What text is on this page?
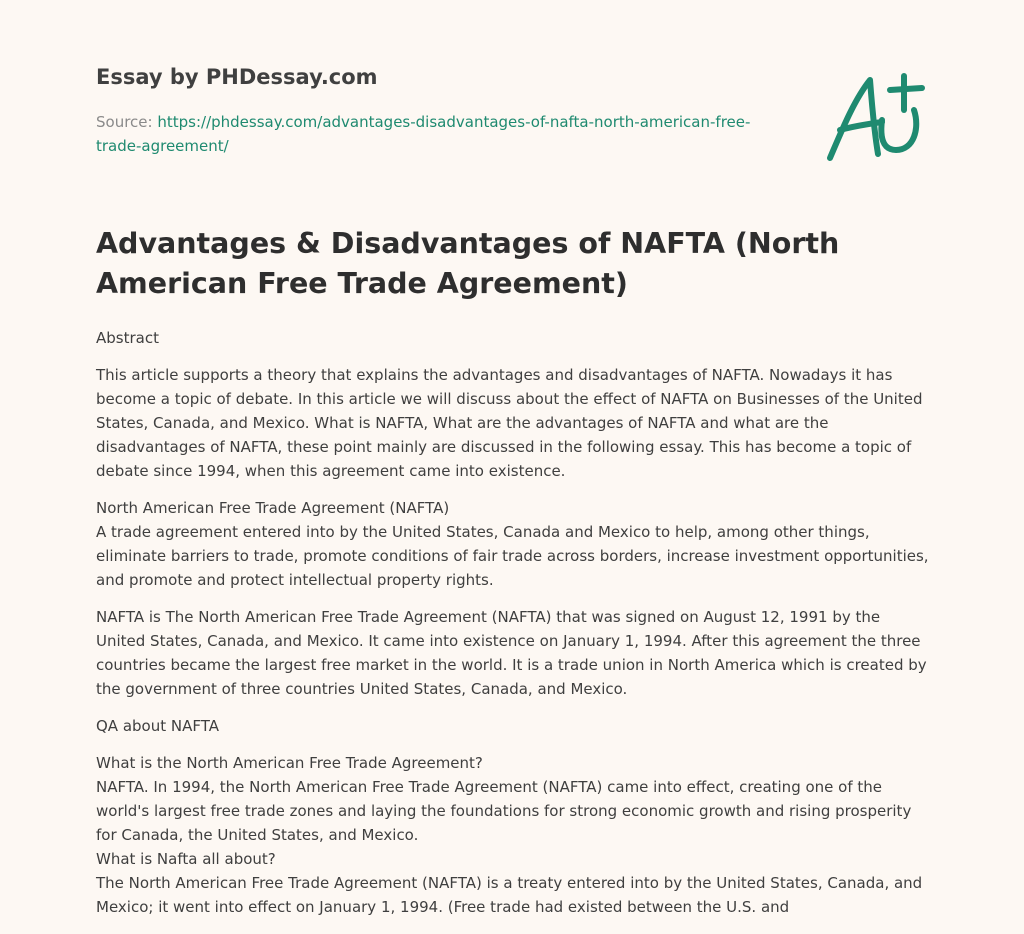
Essay by PHDessay.com
Source: https://phdessay.com/advantages-disadvantages-of-nafta-north-american-free-
trade-agreement/
Advantages & Disadvantages of NAFTA (North American Free Trade Agreement)

Abstract

This article supports a theory that explains the advantages and disadvantages of NAFTA. Nowadays it has become a topic of debate. In this article we will discuss about the effect of NAFTA on Businesses of the United States, Canada, and Mexico. What is NAFTA, What are the advantages of NAFTA and what are the disadvantages of NAFTA, these point mainly are discussed in the following essay. This has become a topic of debate since 1994, when this agreement came into existence.

North American Free Trade Agreement (NAFTA)
A trade agreement entered into by the United States, Canada and Mexico to help, among other things, eliminate barriers to trade, promote conditions of fair trade across borders, increase investment opportunities, and promote and protect intellectual property rights.

NAFTA is The North American Free Trade Agreement (NAFTA) that was signed on August 12, 1991 by the United States, Canada, and Mexico. It came into existence on January 1, 1994. After this agreement the three countries became the largest free market in the world. It is a trade union in North America which is created by the government of three countries United States, Canada, and Mexico.

QA about NAFTA

What is the North American Free Trade Agreement?
NAFTA. In 1994, the North American Free Trade Agreement (NAFTA) came into effect, creating one of the world's largest free trade zones and laying the foundations for strong economic growth and rising prosperity for Canada, the United States, and Mexico.
What is Nafta all about?
The North American Free Trade Agreement (NAFTA) is a treaty entered into by the United States, Canada, and Mexico; it went into effect on January 1, 1994. (Free trade had existed between the U.S. and
